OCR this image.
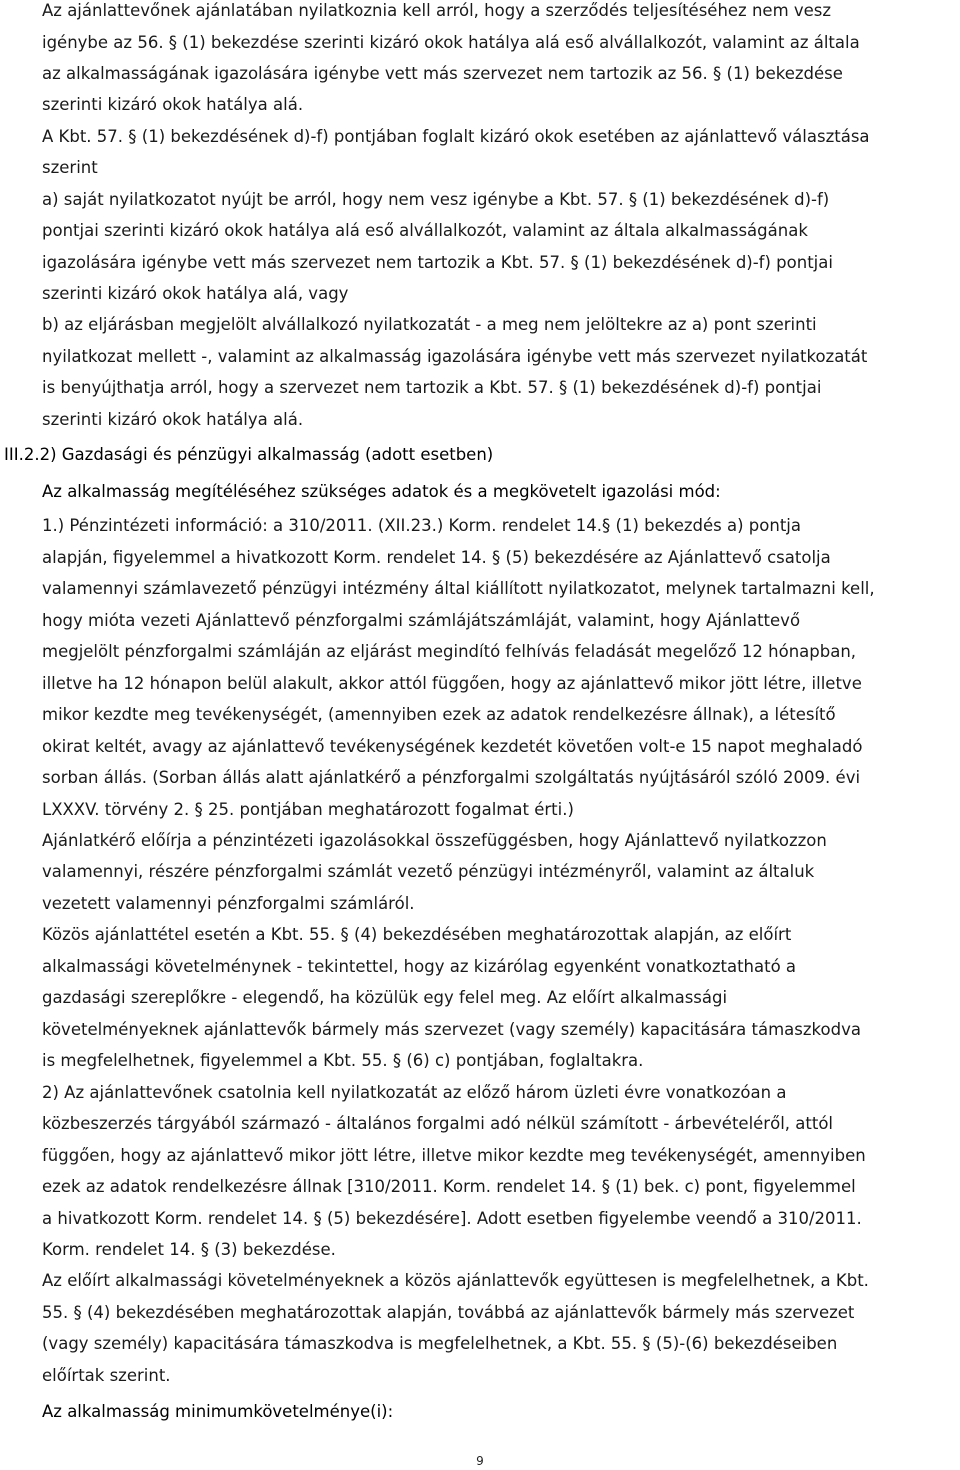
Az ajánlattevőnek ajánlatában nyilatkoznia kell arról, hogy a szerződés teljesítéséhez nem vesz
igénybe az 56. § (1) bekezdése szerinti kizáró okok hatálya alá eső alvállalkozót, valamint az általa
az alkalmasságának igazolására igénybe vett más szervezet nem tartozik az 56. § (1) bekezdése
szerinti kizáró okok hatálya alá.
A Kbt. 57. § (1) bekezdésének d)-f) pontjában foglalt kizáró okok esetében az ajánlattevő választása
szerint
a) saját nyilatkozatot nyújt be arról, hogy nem vesz igénybe a Kbt. 57. § (1) bekezdésének d)-f)
pontjai szerinti kizáró okok hatálya alá eső alvállalkozót, valamint az általa alkalmasságának
igazolására igénybe vett más szervezet nem tartozik a Kbt. 57. § (1) bekezdésének d)-f) pontjai
szerinti kizáró okok hatálya alá, vagy
b) az eljárásban megjelölt alvállalkozó nyilatkozatát - a meg nem jelöltekre az a) pont szerinti
nyilatkozat mellett -, valamint az alkalmasság igazolására igénybe vett más szervezet nyilatkozatát
is benyújthatja arról, hogy a szervezet nem tartozik a Kbt. 57. § (1) bekezdésének d)-f) pontjai
szerinti kizáró okok hatálya alá.
III.2.2) Gazdasági és pénzügyi alkalmasság (adott esetben)
Az alkalmasság megítéléséhez szükséges adatok és a megkövetelt igazolási mód:
1.) Pénzintézeti információ: a 310/2011. (XII.23.) Korm. rendelet 14.§ (1) bekezdés a) pontja
alapján, figyelemmel a hivatkozott Korm. rendelet 14. § (5) bekezdésére az Ajánlattevő csatolja
valamennyi számlavezető pénzügyi intézmény által kiállított nyilatkozatot, melynek tartalmazni kell,
hogy mióta vezeti Ajánlattevő pénzforgalmi számlájátszámláját, valamint, hogy Ajánlattevő
megjelölt pénzforgalmi számláján az eljárást megindító felhívás feladását megelőző 12 hónapban,
illetve ha 12 hónapon belül alakult, akkor attól függően, hogy az ajánlattevő mikor jött létre, illetve
mikor kezdte meg tevékenységét, (amennyiben ezek az adatok rendelkezésre állnak), a létesítő
okirat keltét, avagy az ajánlattevő tevékenységének kezdetét követően volt-e 15 napot meghaladó
sorban állás. (Sorban állás alatt ajánlatkérő a pénzforgalmi szolgáltatás nyújtásáról szóló 2009. évi
LXXXV. törvény 2. § 25. pontjában meghatározott fogalmat érti.)
Ajánlatkérő előírja a pénzintézeti igazolásokkal összefüggésben, hogy Ajánlattevő nyilatkozzon
valamennyi, részére pénzforgalmi számlát vezető pénzügyi intézményről, valamint az általuk
vezetett valamennyi pénzforgalmi számláról.
Közös ajánlattétel esetén a Kbt. 55. § (4) bekezdésében meghatározottak alapján, az előírt
alkalmassági követelménynek - tekintettel, hogy az kizárólag egyenként vonatkoztatható a
gazdasági szereplőkre - elegendő, ha közülük egy felel meg. Az előírt alkalmassági
követelményeknek ajánlattevők bármely más szervezet (vagy személy) kapacitására támaszkodva
is megfelelhetnek, figyelemmel a Kbt. 55. § (6) c) pontjában, foglaltakra.
2) Az ajánlattevőnek csatolnia kell nyilatkozatát az előző három üzleti évre vonatkozóan a
közbeszerzés tárgyából származó - általános forgalmi adó nélkül számított - árbevételéről, attól
függően, hogy az ajánlattevő mikor jött létre, illetve mikor kezdte meg tevékenységét, amennyiben
ezek az adatok rendelkezésre állnak [310/2011. Korm. rendelet 14. § (1) bek. c) pont, figyelemmel
a hivatkozott Korm. rendelet 14. § (5) bekezdésére]. Adott esetben figyelembe veendő a 310/2011.
Korm. rendelet 14. § (3) bekezdése.
Az előírt alkalmassági követelményeknek a közös ajánlattevők együttesen is megfelelhetnek, a Kbt.
55. § (4) bekezdésében meghatározottak alapján, továbbá az ajánlattevők bármely más szervezet
(vagy személy) kapacitására támaszkodva is megfelelhetnek, a Kbt. 55. § (5)-(6) bekezdéseiben
előírtak szerint.
Az alkalmasság minimumkövetelménye(i):
9
